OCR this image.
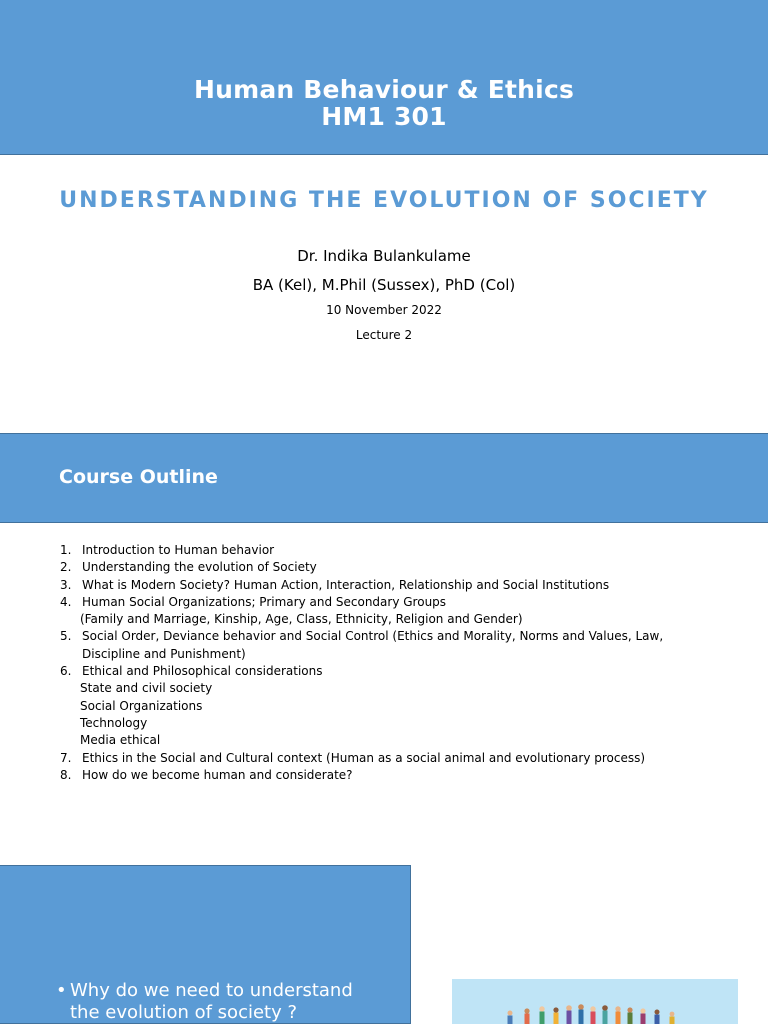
Human Behaviour & Ethics
HM1 301
UNDERSTANDING THE EVOLUTION OF SOCIETY
Dr. Indika Bulankulame
BA (Kel), M.Phil (Sussex), PhD (Col)
10 November 2022
Lecture 2
Course Outline
1. Introduction to Human behavior
2. Understanding the evolution of Society
3. What is Modern Society? Human Action, Interaction, Relationship and Social Institutions
4. Human Social Organizations; Primary and Secondary Groups
(Family and Marriage, Kinship, Age, Class, Ethnicity, Religion and Gender)
5. Social Order, Deviance behavior and Social Control (Ethics and Morality, Norms and Values, Law,
Discipline and Punishment)
6. Ethical and Philosophical considerations
State and civil society
Social Organizations
Technology
Media ethical
7. Ethics in the Social and Cultural context (Human as a social animal and evolutionary process)
8. How do we become human and considerate?
• Why do we need to understand
the evolution of society ?
